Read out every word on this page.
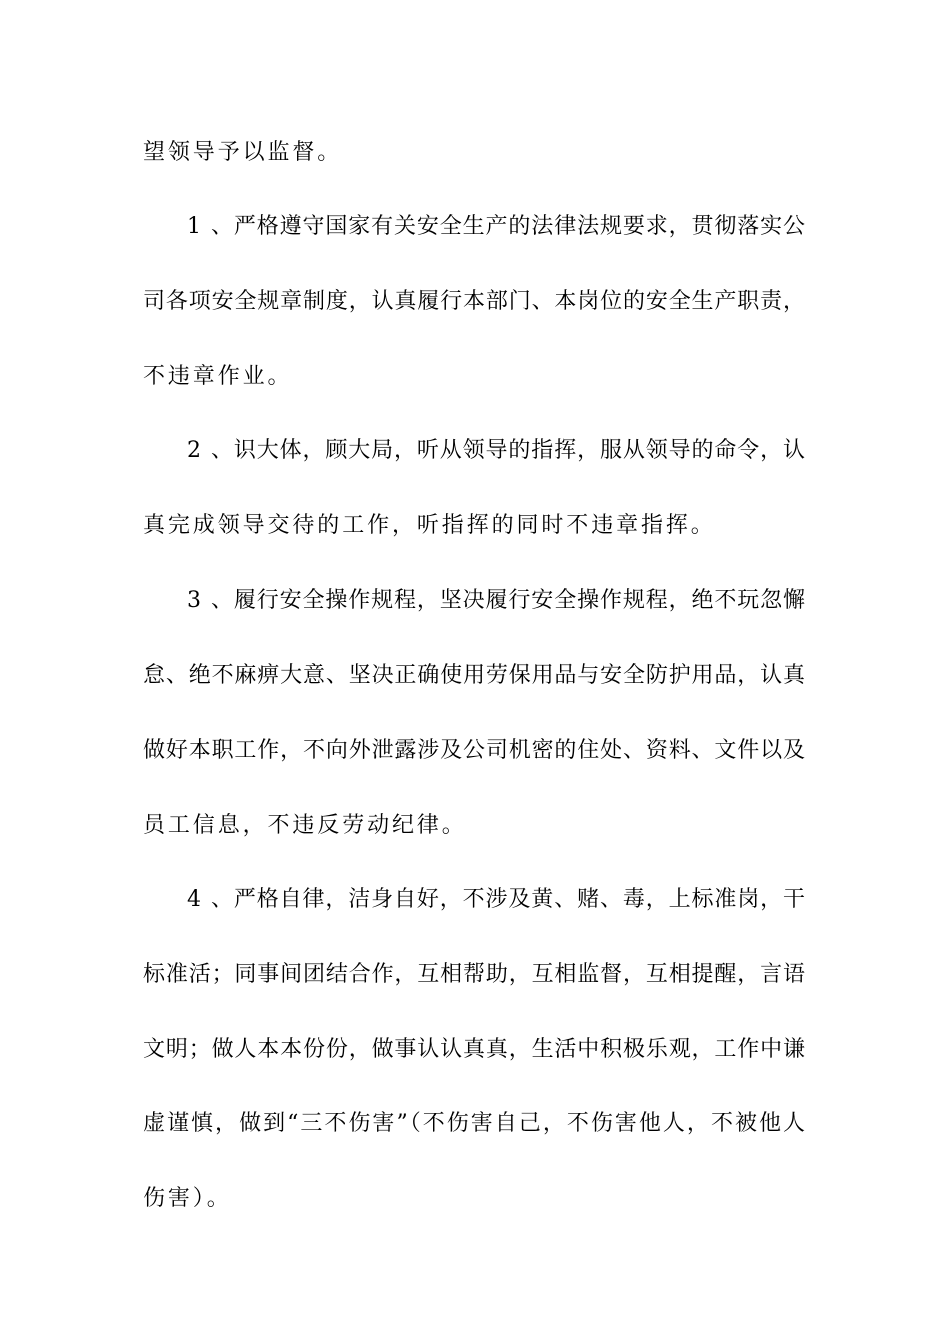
望领导予以监督。
1、严格遵守国家有关安全生产的法律法规要求，贯彻落实公
司各项安全规章制度，认真履行本部门、本岗位的安全生产职责，
不违章作业。
2、识大体，顾大局，听从领导的指挥，服从领导的命令，认
真完成领导交待的工作，听指挥的同时不违章指挥。
3、履行安全操作规程，坚决履行安全操作规程，绝不玩忽懈
怠、绝不麻痹大意、坚决正确使用劳保用品与安全防护用品，认真
做好本职工作，不向外泄露涉及公司机密的住处、资料、文件以及
员工信息，不违反劳动纪律。
4、严格自律，洁身自好，不涉及黄、赌、毒，上标准岗，干
标准活；同事间团结合作，互相帮助，互相监督，互相提醒，言语
文明；做人本本份份，做事认认真真，生活中积极乐观，工作中谦
虚谨慎，做到“三不伤害”（不伤害自己，不伤害他人，不被他人
伤害）。
